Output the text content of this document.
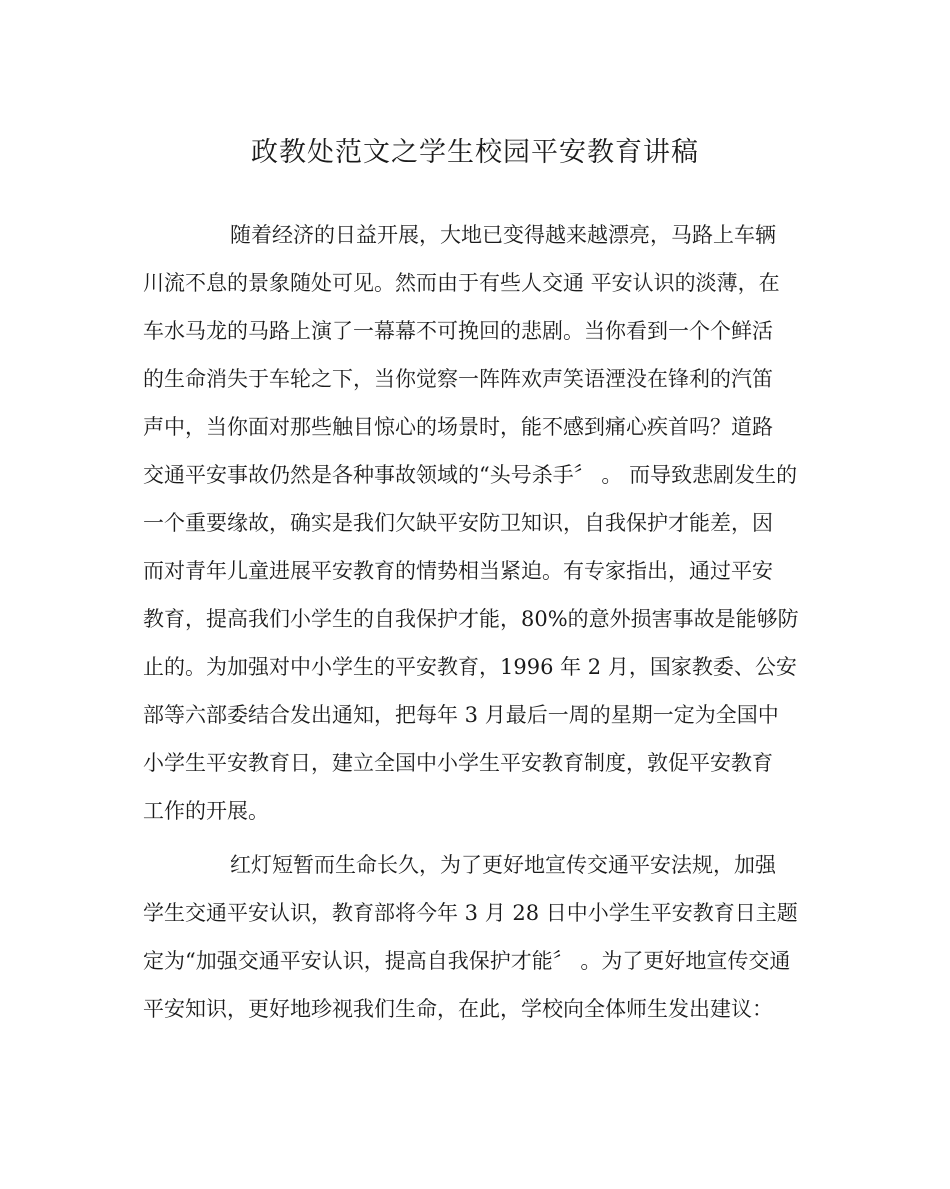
政教处范文之学生校园平安教育讲稿

随着经济的日益开展，大地已变得越来越漂亮，马路上车辆

川流不息的景象随处可见。然而由于有些人交通 平安认识的淡薄，在

车水马龙的马路上演了一幕幕不可挽回的悲剧。当你看到一个个鲜活

的生命消失于车轮之下，当你觉察一阵阵欢声笑语湮没在锋利的汽笛

声中，当你面对那些触目惊心的场景时，能不感到痛心疾首吗？道路

交通平安事故仍然是各种事故领域的“头号杀手〞 。 而导致悲剧发生的

一个重要缘故，确实是我们欠缺平安防卫知识，自我保护才能差，因

而对青年儿童进展平安教育的情势相当紧迫。有专家指出，通过平安

教育，提高我们小学生的自我保护才能，80%的意外损害事故是能够防

止的。为加强对中小学生的平安教育，1996 年 2 月，国家教委、公安

部等六部委结合发出通知，把每年 3 月最后一周的星期一定为全国中

小学生平安教育日，建立全国中小学生平安教育制度，敦促平安教育

工作的开展。

红灯短暂而生命长久，为了更好地宣传交通平安法规，加强

学生交通平安认识，教育部将今年 3 月 28 日中小学生平安教育日主题

定为“加强交通平安认识，提高自我保护才能〞 。为了更好地宣传交通

平安知识，更好地珍视我们生命，在此，学校向全体师生发出建议：
